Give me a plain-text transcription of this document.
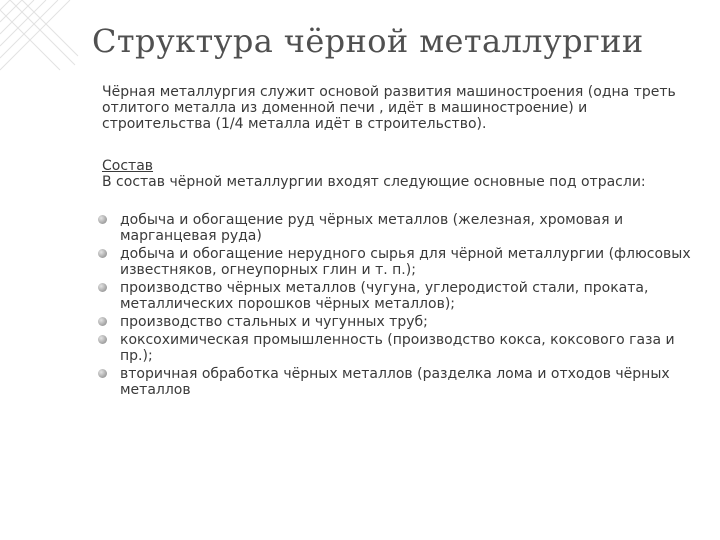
Структура чёрной металлургии

Чёрная металлургия служит основой развития машиностроения (одна треть отлитого металла из доменной печи , идёт в машиностроение) и строительства (1/4 металла идёт в строительство).

Состав

В состав чёрной металлургии входят следующие основные под отрасли:

добыча и обогащение руд чёрных металлов (железная, хромовая и марганцевая руда)
добыча и обогащение нерудного сырья для чёрной металлургии (флюсовых известняков, огнеупорных глин и т. п.);
производство чёрных металлов (чугуна, углеродистой стали, проката, металлических порошков чёрных металлов);
производство стальных и чугунных труб;
коксохимическая промышленность (производство кокса, коксового газа и пр.);
вторичная обработка чёрных металлов (разделка лома и отходов чёрных металлов
